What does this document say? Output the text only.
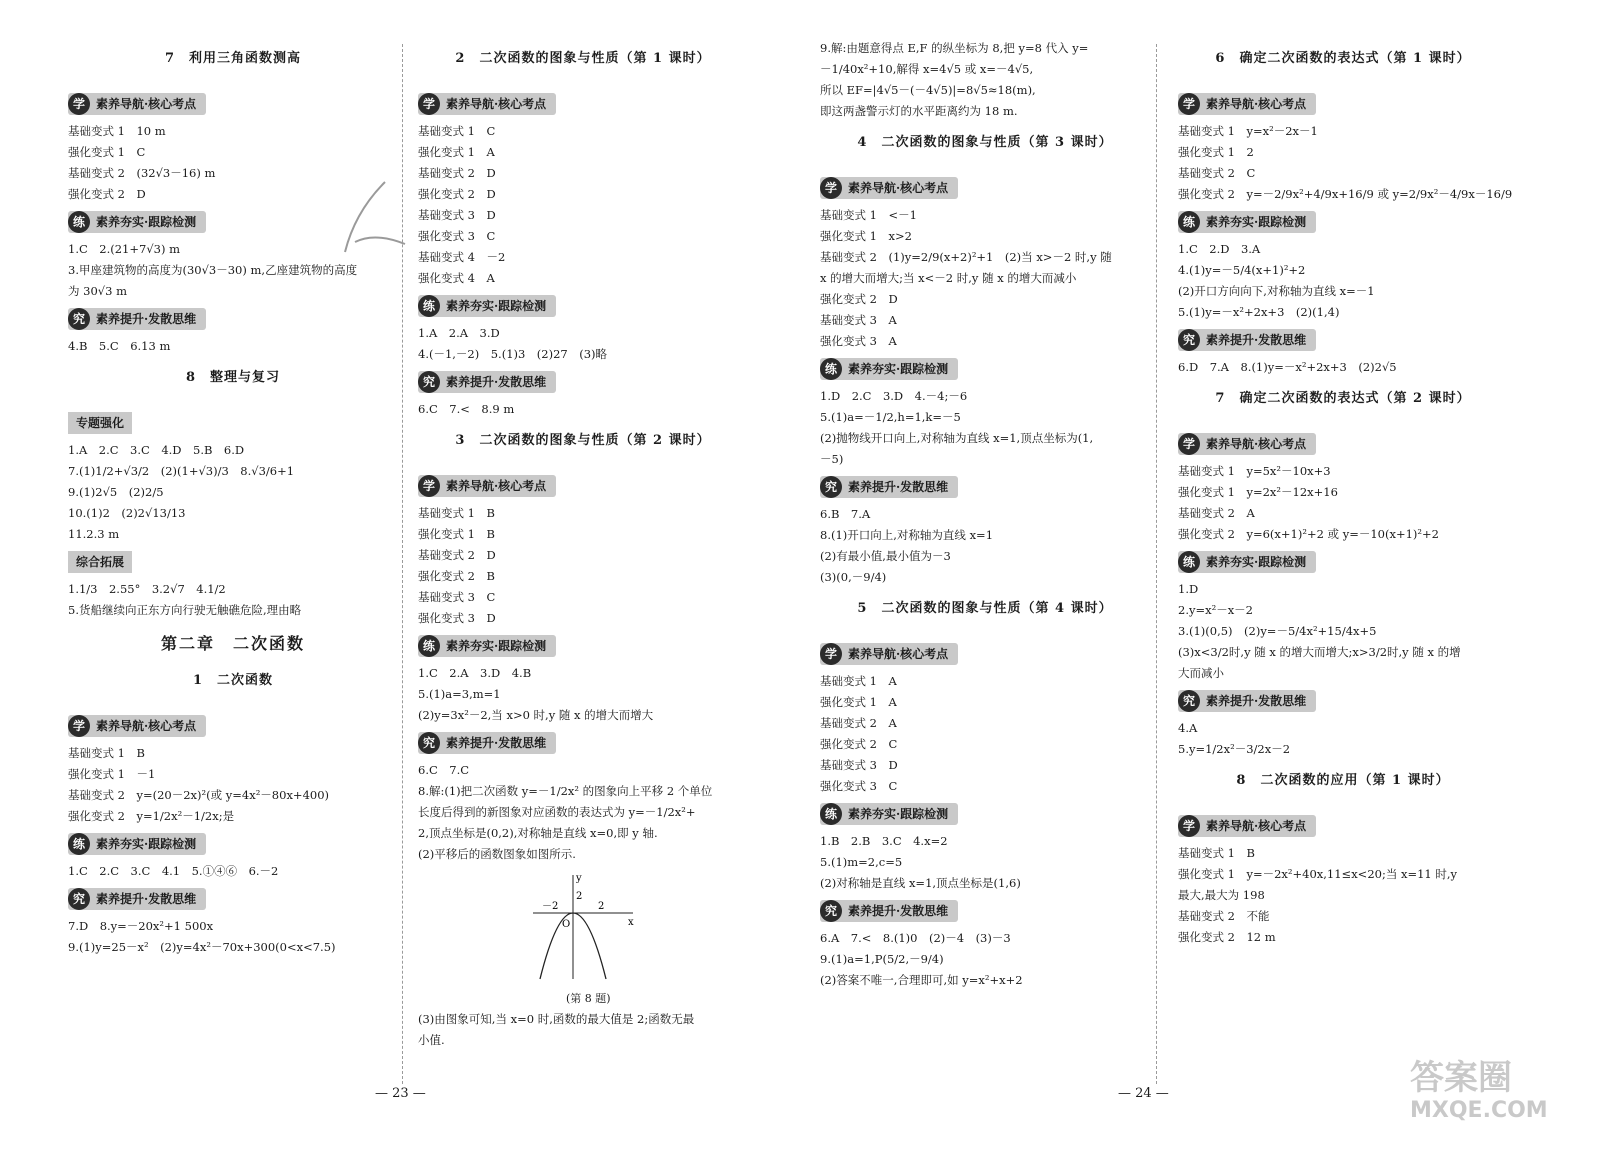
7　利用三角函数测高
学 素养导航·核心考点
基础变式 1　10 m
强化变式 1　C
基础变式 2　(32√3－16) m
强化变式 2　D
练 素养夯实·跟踪检测
1.C　2.(21+7√3) m
3.甲座建筑物的高度为(30√3－30) m,乙座建筑物的高度
为 30√3 m
究 素养提升·发散思维
4.B　5.C　6.13 m
8　整理与复习
专题强化
1.A　2.C　3.C　4.D　5.B　6.D
7.(1)1/2+√3/2　(2)(1+√3)/3　8.√3/6+1
9.(1)2√5　(2)2/5
10.(1)2　(2)2√13/13
11.2.3 m
综合拓展
1.1/3　2.55°　3.2√7　4.1/2
5.货船继续向正东方向行驶无触礁危险,理由略
第二章　二次函数
1　二次函数
学 素养导航·核心考点
基础变式 1　B
强化变式 1　－1
基础变式 2　y=(20－2x)²(或 y=4x²－80x+400)
强化变式 2　y=1/2x²－1/2x;是
练 素养夯实·跟踪检测
1.C　2.C　3.C　4.1　5.①④⑥　6.－2
究 素养提升·发散思维
7.D　8.y=－20x²+1 500x
9.(1)y=25－x²　(2)y=4x²－70x+300(0<x<7.5)
2　二次函数的图象与性质（第 1 课时）
学 素养导航·核心考点
基础变式 1　C
强化变式 1　A
基础变式 2　D
强化变式 2　D
基础变式 3　D
强化变式 3　C
基础变式 4　－2
强化变式 4　A
练 素养夯实·跟踪检测
1.A　2.A　3.D
4.(－1,－2)　5.(1)3　(2)27　(3)略
究 素养提升·发散思维
6.C　7.<　8.9 m
3　二次函数的图象与性质（第 2 课时）
学 素养导航·核心考点
基础变式 1　B
强化变式 1　B
基础变式 2　D
强化变式 2　B
基础变式 3　C
强化变式 3　D
练 素养夯实·跟踪检测
1.C　2.A　3.D　4.B
5.(1)a=3,m=1
(2)y=3x²－2,当 x>0 时,y 随 x 的增大而增大
究 素养提升·发散思维
6.C　7.C
8.解:(1)把二次函数 y=－1/2x² 的图象向上平移 2 个单位
长度后得到的新图象对应函数的表达式为 y=－1/2x²+
2,顶点坐标是(0,2),对称轴是直线 x=0,即 y 轴.
(2)平移后的函数图象如图所示.
y
x
O
－2	2
2
(第 8 题)
(3)由图象可知,当 x=0 时,函数的最大值是 2;函数无最
小值.
9.解:由题意得点 E,F 的纵坐标为 8,把 y=8 代入 y=
－1/40x²+10,解得 x=4√5 或 x=－4√5,
所以 EF=|4√5－(－4√5)|=8√5≈18(m),
即这两盏警示灯的水平距离约为 18 m.
4　二次函数的图象与性质（第 3 课时）
学 素养导航·核心考点
基础变式 1　<－1
强化变式 1　x>2
基础变式 2　(1)y=2/9(x+2)²+1　(2)当 x>－2 时,y 随
x 的增大而增大;当 x<－2 时,y 随 x 的增大而减小
强化变式 2　D
基础变式 3　A
强化变式 3　A
练 素养夯实·跟踪检测
1.D　2.C　3.D　4.－4;－6
5.(1)a=－1/2,h=1,k=－5
(2)抛物线开口向上,对称轴为直线 x=1,顶点坐标为(1,
－5)
究 素养提升·发散思维
6.B　7.A
8.(1)开口向上,对称轴为直线 x=1
(2)有最小值,最小值为－3
(3)(0,－9/4)
5　二次函数的图象与性质（第 4 课时）
学 素养导航·核心考点
基础变式 1　A
强化变式 1　A
基础变式 2　A
强化变式 2　C
基础变式 3　D
强化变式 3　C
练 素养夯实·跟踪检测
1.B　2.B　3.C　4.x=2
5.(1)m=2,c=5
(2)对称轴是直线 x=1,顶点坐标是(1,6)
究 素养提升·发散思维
6.A　7.<　8.(1)0　(2)－4　(3)－3
9.(1)a=1,P(5/2,－9/4)
(2)答案不唯一,合理即可,如 y=x²+x+2
6　确定二次函数的表达式（第 1 课时）
学 素养导航·核心考点
基础变式 1　y=x²－2x－1
强化变式 1　2
基础变式 2　C
强化变式 2　y=－2/9x²+4/9x+16/9 或 y=2/9x²－4/9x－16/9
练 素养夯实·跟踪检测
1.C　2.D　3.A
4.(1)y=－5/4(x+1)²+2
(2)开口方向向下,对称轴为直线 x=－1
5.(1)y=－x²+2x+3　(2)(1,4)
究 素养提升·发散思维
6.D　7.A　8.(1)y=－x²+2x+3　(2)2√5
7　确定二次函数的表达式（第 2 课时）
学 素养导航·核心考点
基础变式 1　y=5x²－10x+3
强化变式 1　y=2x²－12x+16
基础变式 2　A
强化变式 2　y=6(x+1)²+2 或 y=－10(x+1)²+2
练 素养夯实·跟踪检测
1.D
2.y=x²－x－2
3.(1)(0,5)　(2)y=－5/4x²+15/4x+5
(3)x<3/2时,y 随 x 的增大而增大;x>3/2时,y 随 x 的增
大而减小
究 素养提升·发散思维
4.A
5.y=1/2x²－3/2x－2
8　二次函数的应用（第 1 课时）
学 素养导航·核心考点
基础变式 1　B
强化变式 1　y=－2x²+40x,11≤x<20;当 x=11 时,y
最大,最大为 198
基础变式 2　不能
强化变式 2　12 m
— 23 —	— 24 —	答案圈
MXQE.COM
